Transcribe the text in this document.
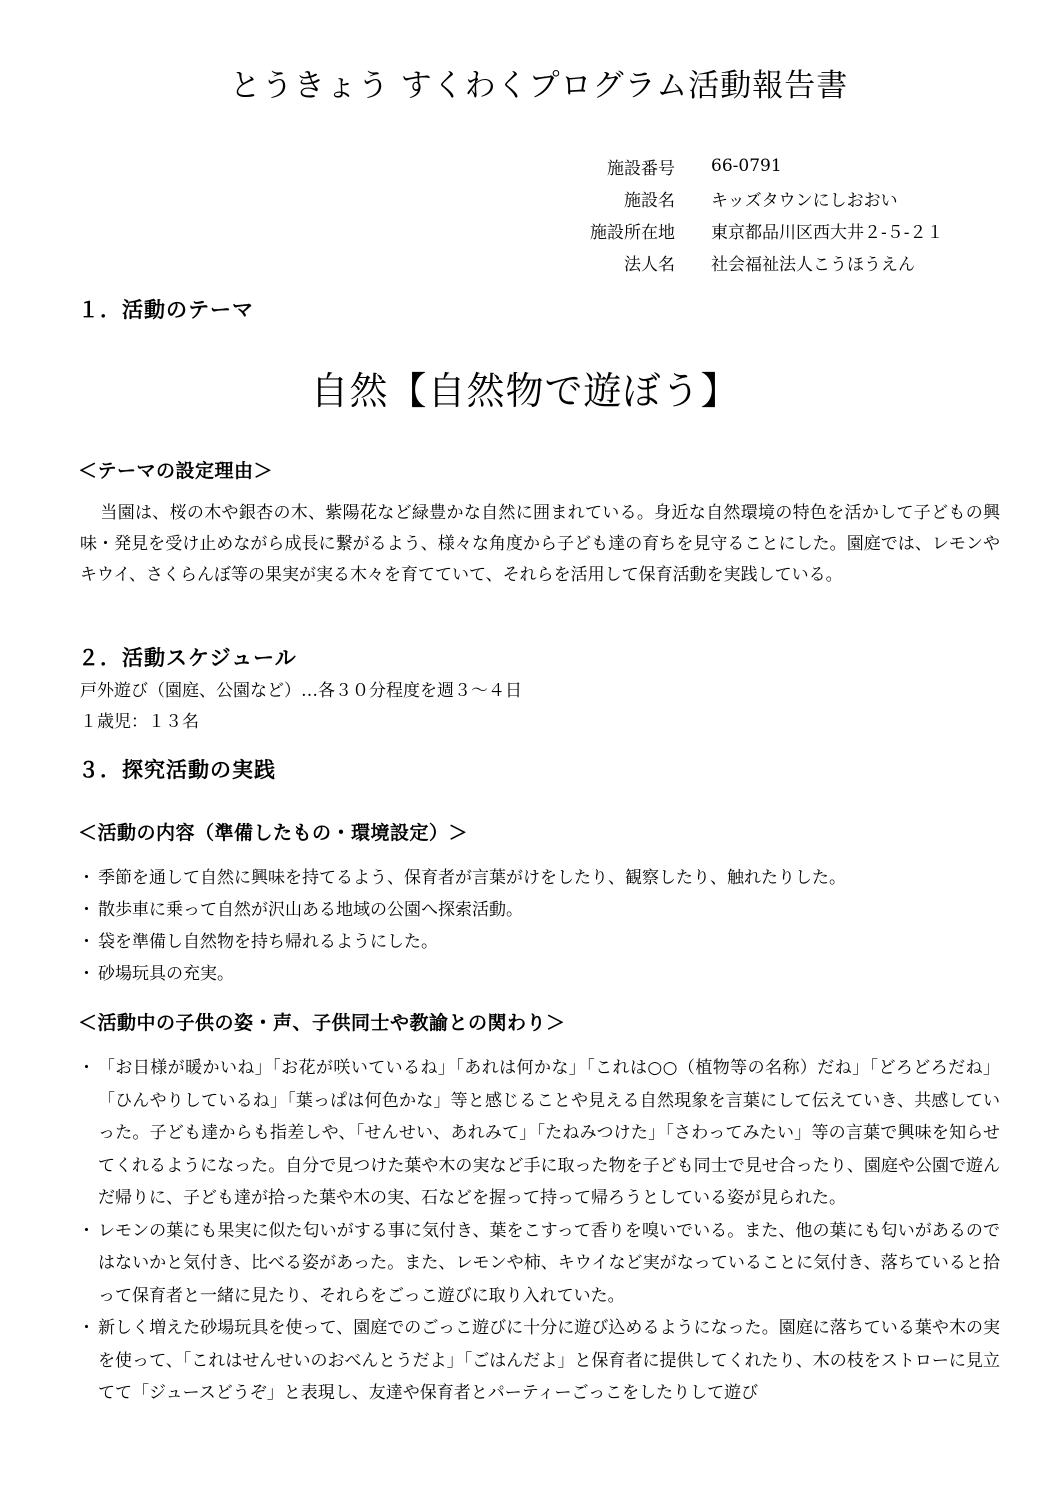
とうきょう すくわくプログラム活動報告書
施設番号	66-0791
施設名	キッズタウンにしおおい
施設所在地	東京都品川区西大井２-５-２１
法人名	社会福祉法人こうほうえん
１．活動のテーマ
自然【自然物で遊ぼう】
＜テーマの設定理由＞
当園は、桜の木や銀杏の木、紫陽花など緑豊かな自然に囲まれている。身近な自然環境の特色を活かして子どもの興味・発見を受け止めながら成長に繋がるよう、様々な角度から子ども達の育ちを見守ることにした。園庭では、レモンやキウイ、さくらんぼ等の果実が実る木々を育てていて、それらを活用して保育活動を実践している。
２．活動スケジュール
戸外遊び（園庭、公園など）…各３０分程度を週３～４日
１歳児：１３名
３．探究活動の実践
＜活動の内容（準備したもの・環境設定）＞
・ 季節を通して自然に興味を持てるよう、保育者が言葉がけをしたり、観察したり、触れたりした。
・ 散歩車に乗って自然が沢山ある地域の公園へ探索活動。
・ 袋を準備し自然物を持ち帰れるようにした。
・ 砂場玩具の充実。
＜活動中の子供の姿・声、子供同士や教諭との関わり＞
・ 「お日様が暖かいね」「お花が咲いているね」「あれは何かな」「これは○○（植物等の名称）だね」「どろどろだね」「ひんやりしているね」「葉っぱは何色かな」等と感じることや見える自然現象を言葉にして伝えていき、共感していった。子ども達からも指差しや、「せんせい、あれみて」「たねみつけた」「さわってみたい」等の言葉で興味を知らせてくれるようになった。自分で見つけた葉や木の実など手に取った物を子ども同士で見せ合ったり、園庭や公園で遊んだ帰りに、子ども達が拾った葉や木の実、石などを握って持って帰ろうとしている姿が見られた。
・ レモンの葉にも果実に似た匂いがする事に気付き、葉をこすって香りを嗅いでいる。また、他の葉にも匂いがあるのではないかと気付き、比べる姿があった。また、レモンや柿、キウイなど実がなっていることに気付き、落ちていると拾って保育者と一緒に見たり、それらをごっこ遊びに取り入れていた。
・ 新しく増えた砂場玩具を使って、園庭でのごっこ遊びに十分に遊び込めるようになった。園庭に落ちている葉や木の実を使って、「これはせんせいのおべんとうだよ」「ごはんだよ」と保育者に提供してくれたり、木の枝をストローに見立てて「ジュースどうぞ」と表現し、友達や保育者とパーティーごっこをしたりして遊び
